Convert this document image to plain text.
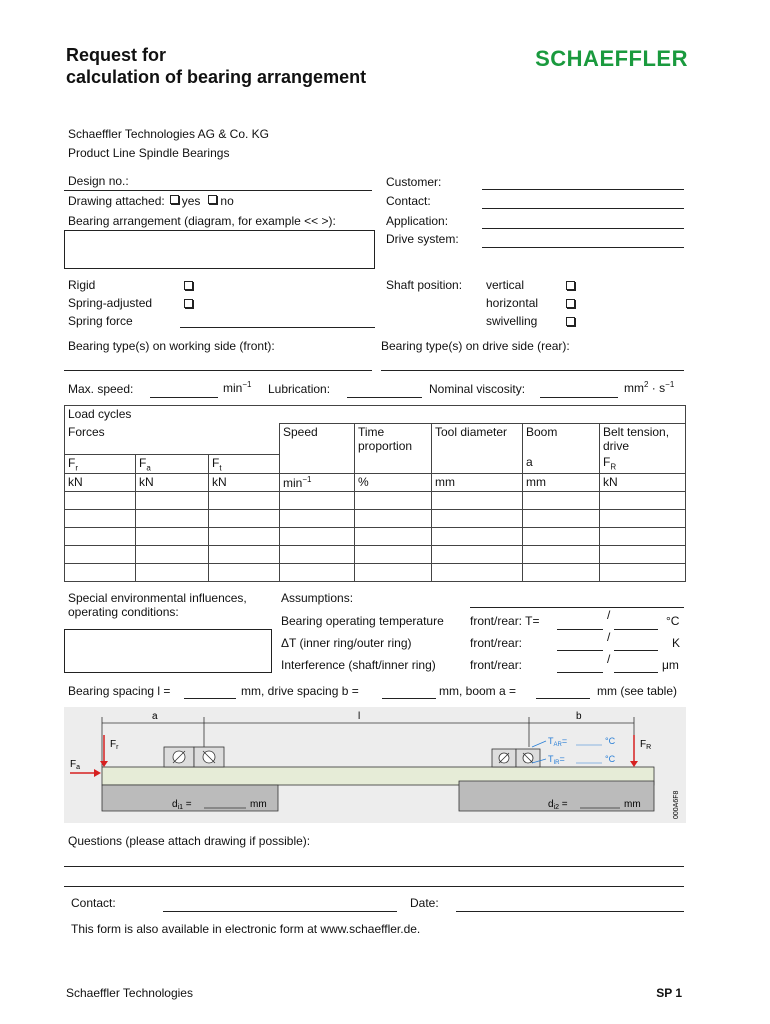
Request for
calculation of bearing arrangement
SCHAEFFLER
Schaeffler Technologies AG & Co. KG
Product Line Spindle Bearings
Design no.:
Drawing attached: yes no
Bearing arrangement (diagram, for example << >):
Customer:
Contact:
Application:
Drive system:
Rigid
Spring-adjusted
Spring force
Shaft position: vertical
horizontal
swivelling
Bearing type(s) on working side (front):	Bearing type(s) on drive side (rear):
Max. speed:	$\min^{-1}$ Lubrication:	Nominal viscosity:	$mm^2 \cdot s^{-1}$
Load cycles							
Forces			Speed	Time proportion	Tool diameter	Boom	Belt tension, drive
$F_r$	$F_a$	$F_t$				a	$F_R$
kN	kN	kN	$\min^{-1}$	%	mm	mm	kN

Special environmental influences,
operating conditions:
Assumptions:
Bearing operating temperature front/rear: T=	/	°C
ΔT (inner ring/outer ring)	front/rear:	/	K
Interference (shaft/inner ring)	front/rear:	/	μm
Bearing spacing l =	mm, drive spacing b =	mm, boom a =	mm (see table)
a	l	b
$F_r$
$F_a$
$F_R$
$T_{AR}=$	°C
$T_{IR}=$	°C
$d_{i1}$ =	mm	$d_{i2}$ =	mm	000A6F8
Questions (please attach drawing if possible):
Contact:	Date:
This form is also available in electronic form at www.schaeffler.de.
Schaeffler Technologies	SP 1
